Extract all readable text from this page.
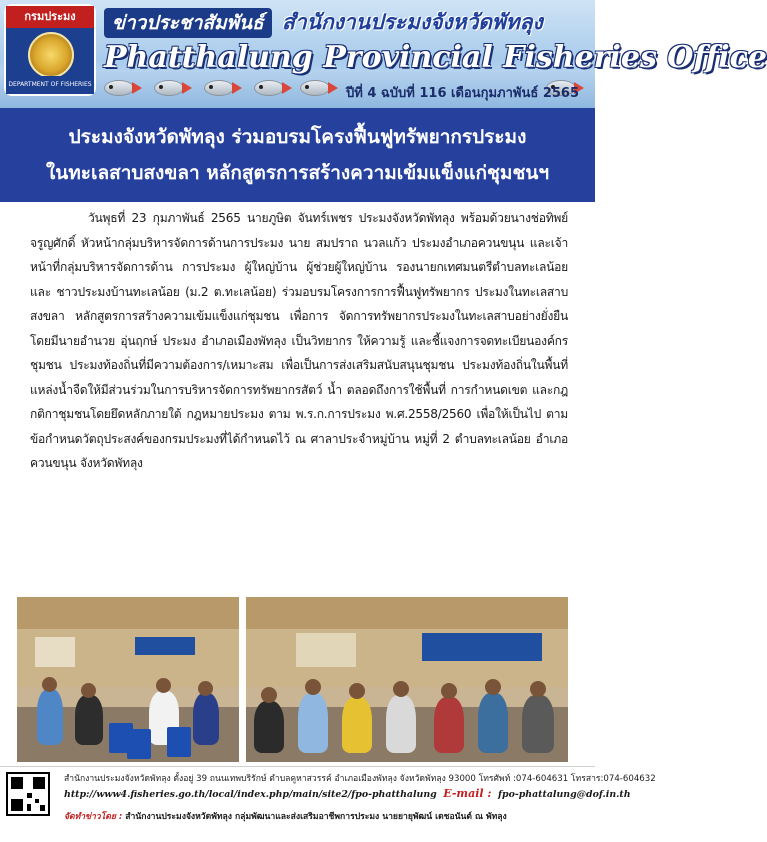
กรมประมง
DEPARTMENT OF FISHERIES
ข่าวประชาสัมพันธ์ สำนักงานประมงจังหวัดพัทลุง
Phatthalung Provincial Fisheries Office
ปีที่ 4 ฉบับที่ 116 เดือนกุมภาพันธ์ 2565
ประมงจังหวัดพัทลุง ร่วมอบรมโครงฟื้นฟูทรัพยากรประมง
ในทะเลสาบสงขลา หลักสูตรการสร้างความเข้มแข็งแก่ชุมชนฯ

วันพุธที่ 23 กุมภาพันธ์ 2565 นายภูษิต จันทร์เพชร ประมงจังหวัดพัทลุง พร้อมด้วยนางช่อทิพย์ จรูญศักดิ์ หัวหน้ากลุ่มบริหารจัดการด้านการประมง นาย สมปราถ นวลแก้ว ประมงอำเภอควนขนุน และเจ้าหน้าที่กลุ่มบริหารจัดการด้าน การประมง ผู้ใหญ่บ้าน ผู้ช่วยผู้ใหญ่บ้าน รองนายกเทศมนตรีตำบลทะเลน้อย และ ชาวประมงบ้านทะเลน้อย (ม.2 ต.ทะเลน้อย) ร่วมอบรมโครงการการฟื้นฟูทรัพยากร ประมงในทะเลสาบสงขลา หลักสูตรการสร้างความเข้มแข็งแก่ชุมชน เพื่อการ จัดการทรัพยากรประมงในทะเลสาบอย่างยั่งยืน โดยมีนายอำนวย อุ่นฤกษ์ ประมง อำเภอเมืองพัทลุง เป็นวิทยากร ให้ความรู้ และชี้แจงการจดทะเบียนองค์กรชุมชน ประมงท้องถิ่นที่มีความต้องการ/เหมาะสม เพื่อเป็นการส่งเสริมสนับสนุนชุมชน ประมงท้องถิ่นในพื้นที่แหล่งน้ำจืดให้มีส่วนร่วมในการบริหารจัดการทรัพยากรสัตว์ น้ำ ตลอดถึงการใช้พื้นที่ การกำหนดเขต และกฎกติกาชุมชนโดยยึดหลักภายใต้ กฎหมายประมง ตาม พ.ร.ก.การประมง พ.ศ.2558/2560 เพื่อให้เป็นไป ตามข้อกำหนดวัตถุประสงค์ของกรมประมงที่ได้กำหนดไว้ ณ ศาลาประจำหมู่บ้าน หมู่ที่ 2 ตำบลทะเลน้อย อำเภอควนขนุน จังหวัดพัทลุง

สำนักงานประมงจังหวัดพัทลุง ตั้งอยู่ 39 ถนนเทพบริรักษ์ ตำบลคูหาสวรรค์ อำเภอเมืองพัทลุง จังหวัดพัทลุง 93000 โทรศัพท์ :074-604631 โทรสาร:074-604632
http://www4.fisheries.go.th/local/index.php/main/site2/fpo-phatthalung E-mail : fpo-phattalung@dof.in.th
จัดทำข่าวโดย : สำนักงานประมงจังหวัดพัทลุง กลุ่มพัฒนาและส่งเสริมอาชีพการประมง นายยายุพัฒน์ เดชอนันต์ ณ พัทลุง
